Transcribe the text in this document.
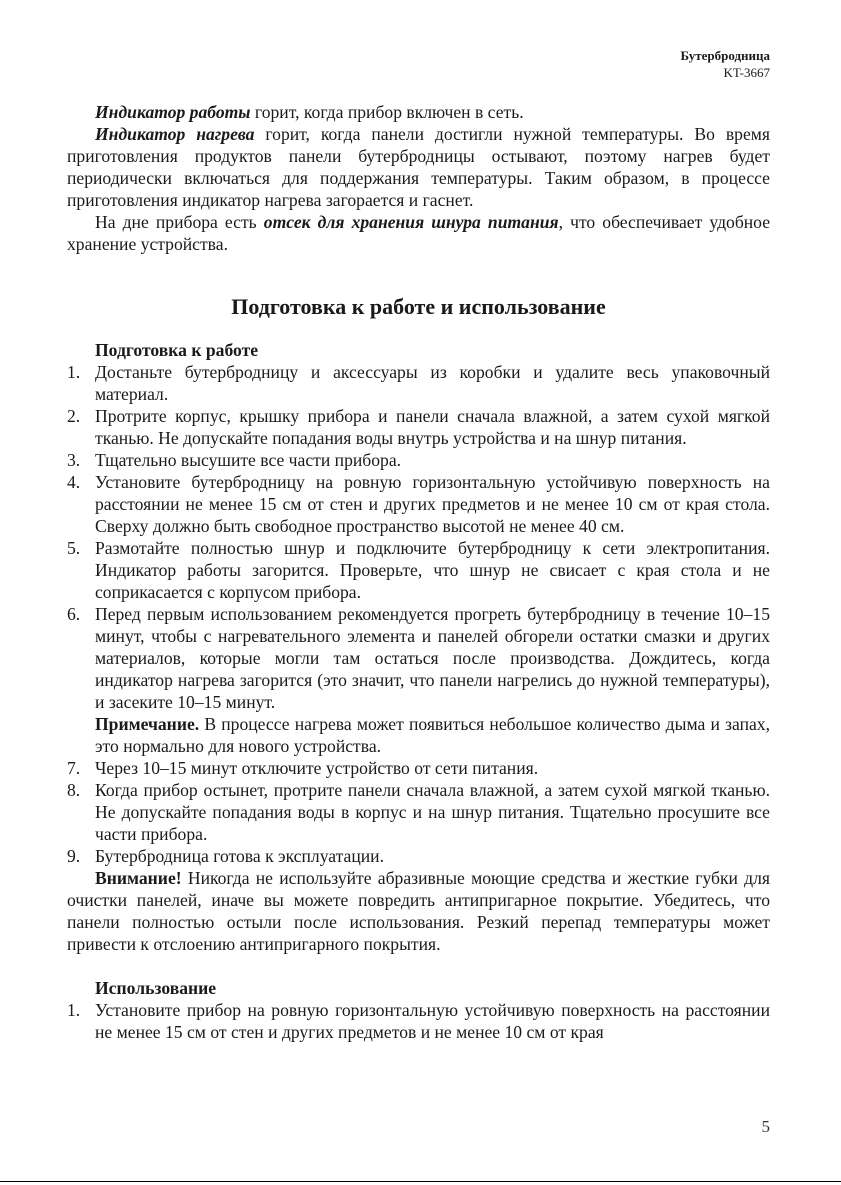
Бутербродница
KT-3667

Индикатор работы горит, когда прибор включен в сеть.

Индикатор нагрева горит, когда панели достигли нужной температуры. Во время приготовления продуктов панели бутербродницы остывают, поэтому нагрев будет периодически включаться для поддержания температуры. Таким образом, в процессе приготовления индикатор нагрева загорается и гаснет.

На дне прибора есть отсек для хранения шнура питания, что обеспечивает удобное хранение устройства.

Подготовка к работе и использование

Подготовка к работе

1. Достаньте бутербродницу и аксессуары из коробки и удалите весь упаковочный материал.
2. Протрите корпус, крышку прибора и панели сначала влажной, а затем сухой мягкой тканью. Не допускайте попадания воды внутрь устройства и на шнур питания.
3. Тщательно высушите все части прибора.
4. Установите бутербродницу на ровную горизонтальную устойчивую поверхность на расстоянии не менее 15 см от стен и других предметов и не менее 10 см от края стола. Сверху должно быть свободное пространство высотой не менее 40 см.
5. Размотайте полностью шнур и подключите бутербродницу к сети электропитания. Индикатор работы загорится. Проверьте, что шнур не свисает с края стола и не соприкасается с корпусом прибора.
6. Перед первым использованием рекомендуется прогреть бутербродницу в течение 10–15 минут, чтобы с нагревательного элемента и панелей обгорели остатки смазки и других материалов, которые могли там остаться после производства. Дождитесь, когда индикатор нагрева загорится (это значит, что панели нагрелись до нужной температуры), и засеките 10–15 минут.

Примечание. В процессе нагрева может появиться небольшое количество дыма и запах, это нормально для нового устройства.

7. Через 10–15 минут отключите устройство от сети питания.
8. Когда прибор остынет, протрите панели сначала влажной, а затем сухой мягкой тканью. Не допускайте попадания воды в корпус и на шнур питания. Тщательно просушите все части прибора.
9. Бутербродница готова к эксплуатации.

Внимание! Никогда не используйте абразивные моющие средства и жесткие губки для очистки панелей, иначе вы можете повредить антипригарное покрытие. Убедитесь, что панели полностью остыли после использования. Резкий перепад температуры может привести к отслоению антипригарного покрытия.

Использование

1. Установите прибор на ровную горизонтальную устойчивую поверхность на расстоянии не менее 15 см от стен и других предметов и не менее 10 см от края
5
